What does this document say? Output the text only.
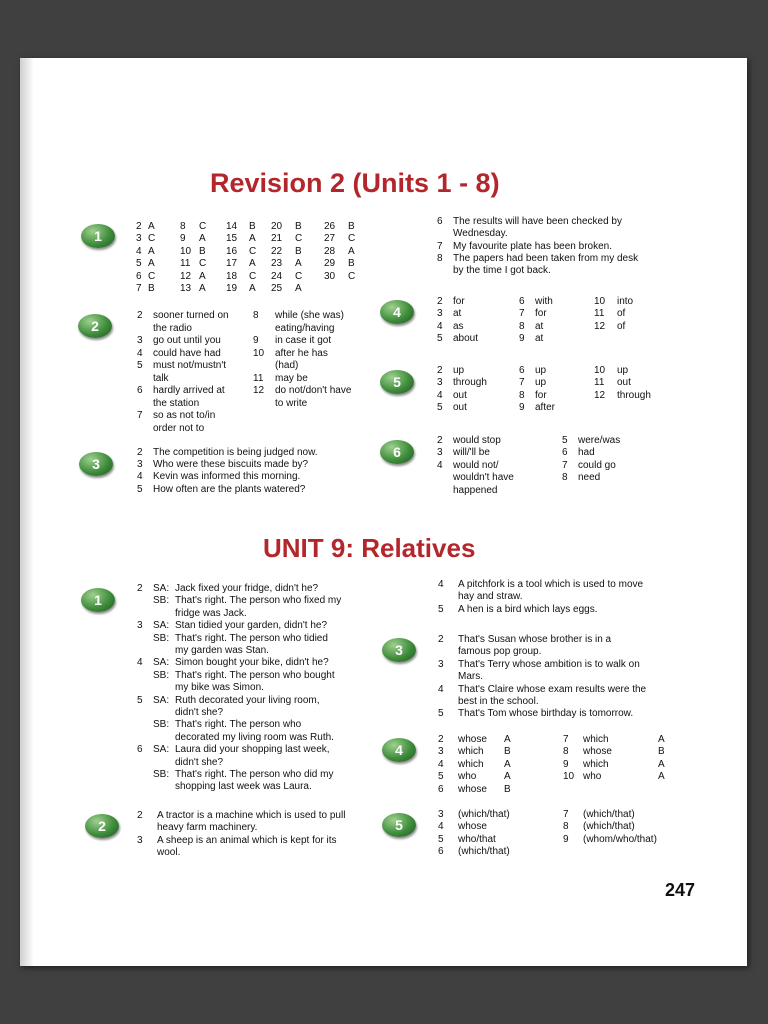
Revision 2 (Units 1 - 8)
1
2
3
4
5
6
2 A	8 C 14 B 20 B 26 B
3 C 9 A 15 A 21 C 27 C
4 A	10 B 16 C 22 B 28 A
5 A	11 C 17 A 23 A 29 B
6 C 12 A 18 C 24 C 30 C
7 B	13 A 19 A 25 A
2 sooner turned on
the radio
3 go out until you
4 could have had
5 must not/mustn't
talk
6 hardly arrived at
the station
7 so as not to/in
order not to
8 while (she was)
eating/having
9 in case it got
10 after he has
(had)
11 may be
12 do not/don't have
to write
2 The competition is being judged now.
3 Who were these biscuits made by?
4 Kevin was informed this morning.
5 How often are the plants watered?
6 The results will have been checked by
Wednesday.
7 My favourite plate has been broken.
8 The papers had been taken from my desk
by the time I got back.
2 for	6 with	10 into
3 at	7 for	11 of
4 as	8 at	12 of
5 about	9 at
2 up	6 up	10 up
3 through	7 up	11 out
4 out	8 for	12 through
5 out	9 after
2 would stop
3 will/'ll be
4 would not/
wouldn't have
happened
5 were/was
6 had
7 could go
8 need
UNIT 9: Relatives
1
2
3
4
5
2 SA: Jack fixed your fridge, didn't he?
SB: That's right. The person who fixed my
fridge was Jack.
3 SA: Stan tidied your garden, didn't he?
SB: That's right. The person who tidied
my garden was Stan.
4 SA: Simon bought your bike, didn't he?
SB: That's right. The person who bought
my bike was Simon.
5 SA: Ruth decorated your living room,
didn't she?
SB: That's right. The person who
decorated my living room was Ruth.
6 SA: Laura did your shopping last week,
didn't she?
SB: That's right. The person who did my
shopping last week was Laura.
2 A tractor is a machine which is used to pull
heavy farm machinery.
3 A sheep is an animal which is kept for its
wool.
4 A pitchfork is a tool which is used to move
hay and straw.
5 A hen is a bird which lays eggs.
2 That's Susan whose brother is in a
famous pop group.
3 That's Terry whose ambition is to walk on
Mars.
4 That's Claire whose exam results were the
best in the school.
5 That's Tom whose birthday is tomorrow.
2 whose A	7 which	A
3 which B	8 whose	B
4 which A	9 which	A
5 who	A	10 who	A
6 whose B
3 (which/that)
4 whose
5 who/that
6 (which/that)
7 (which/that)
8 (which/that)
9 (whom/who/that)
247
